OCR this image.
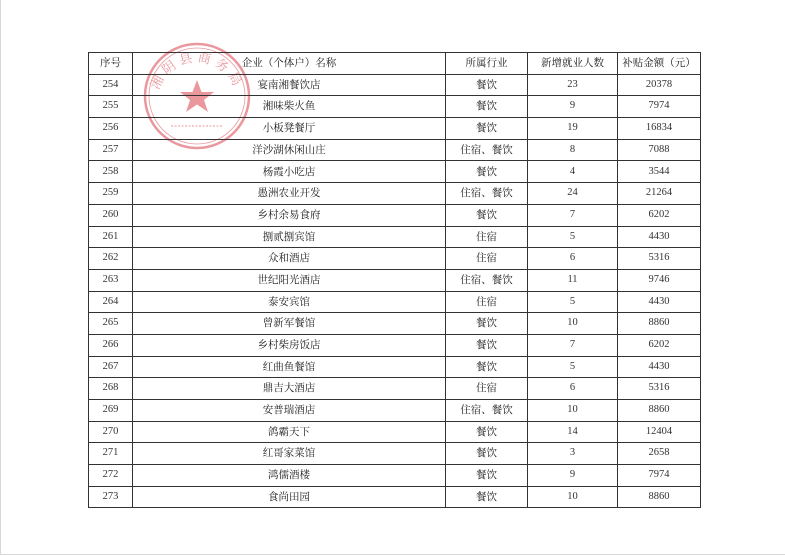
湘阴县商务局
序号	企业（个体户）名称	所属行业	新增就业人数	补贴金额（元）
254	宴南湘餐饮店	餐饮	23	20378
255	湘味柴火鱼	餐饮	9	7974
256	小板凳餐厅	餐饮	19	16834
257	洋沙湖休闲山庄	住宿、餐饮	8	7088
258	杨霞小吃店	餐饮	4	3544
259	愚洲农业开发	住宿、餐饮	24	21264
260	乡村余易食府	餐饮	7	6202
261	捌贰捌宾馆	住宿	5	4430
262	众和酒店	住宿	6	5316
263	世纪阳光酒店	住宿、餐饮	11	9746
264	泰安宾馆	住宿	5	4430
265	曾新军餐馆	餐饮	10	8860
266	乡村柴房饭店	餐饮	7	6202
267	红曲鱼餐馆	餐饮	5	4430
268	鼎吉大酒店	住宿	6	5316
269	安普瑞酒店	住宿、餐饮	10	8860
270	鸽霸天下	餐饮	14	12404
271	红哥家菜馆	餐饮	3	2658
272	鸿儒酒楼	餐饮	9	7974
273	食尚田园	餐饮	10	8860
